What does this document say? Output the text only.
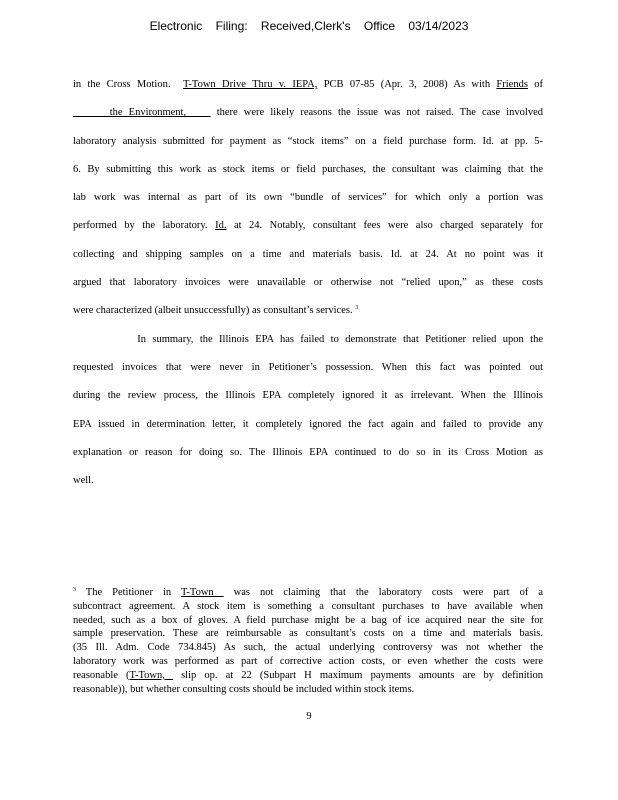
Electronic Filing: Received,Clerk's Office 03/14/2023
in the Cross Motion.  T-Town Drive Thru v. IEPA, PCB 07-85 (Apr. 3, 2008) As with Friends of
the Environment,     there were likely reasons the issue was not raised. The case involved
laboratory analysis submitted for payment as “stock items” on a field purchase form. Id. at pp. 5-
6. By submitting this work as stock items or field purchases, the consultant was claiming that the
lab work was internal as part of its own “bundle of services” for which only a portion was
performed by the laboratory. Id. at 24. Notably, consultant fees were also charged separately for
collecting and shipping samples on a time and materials basis. Id. at 24. At no point was it
argued that laboratory invoices were unavailable or otherwise not “relied upon,” as these costs
were characterized (albeit unsuccessfully) as consultant’s services. $^3$
In summary, the Illinois EPA has failed to demonstrate that Petitioner relied upon the
requested invoices that were never in Petitioner’s possession. When this fact was pointed out
during the review process, the Illinois EPA completely ignored it as irrelevant. When the Illinois
EPA issued in determination letter, it completely ignored the fact again and failed to provide any
explanation or reason for doing so. The Illinois EPA continued to do so in its Cross Motion as
well.
$^3$ The Petitioner in T-Town  was not claiming that the laboratory costs were part of a
subcontract agreement. A stock item is something a consultant purchases to have available when
needed, such as a box of gloves. A field purchase might be a bag of ice acquired near the site for
sample preservation. These are reimbursable as consultant’s costs on a time and materials basis.
(35 Ill. Adm. Code 734.845) As such, the actual underlying controversy was not whether the
laboratory work was performed as part of corrective action costs, or even whether the costs were
reasonable (T-Town,  slip op. at 22 (Subpart H maximum payments amounts are by definition
reasonable)), but whether consulting costs should be included within stock items.
9
